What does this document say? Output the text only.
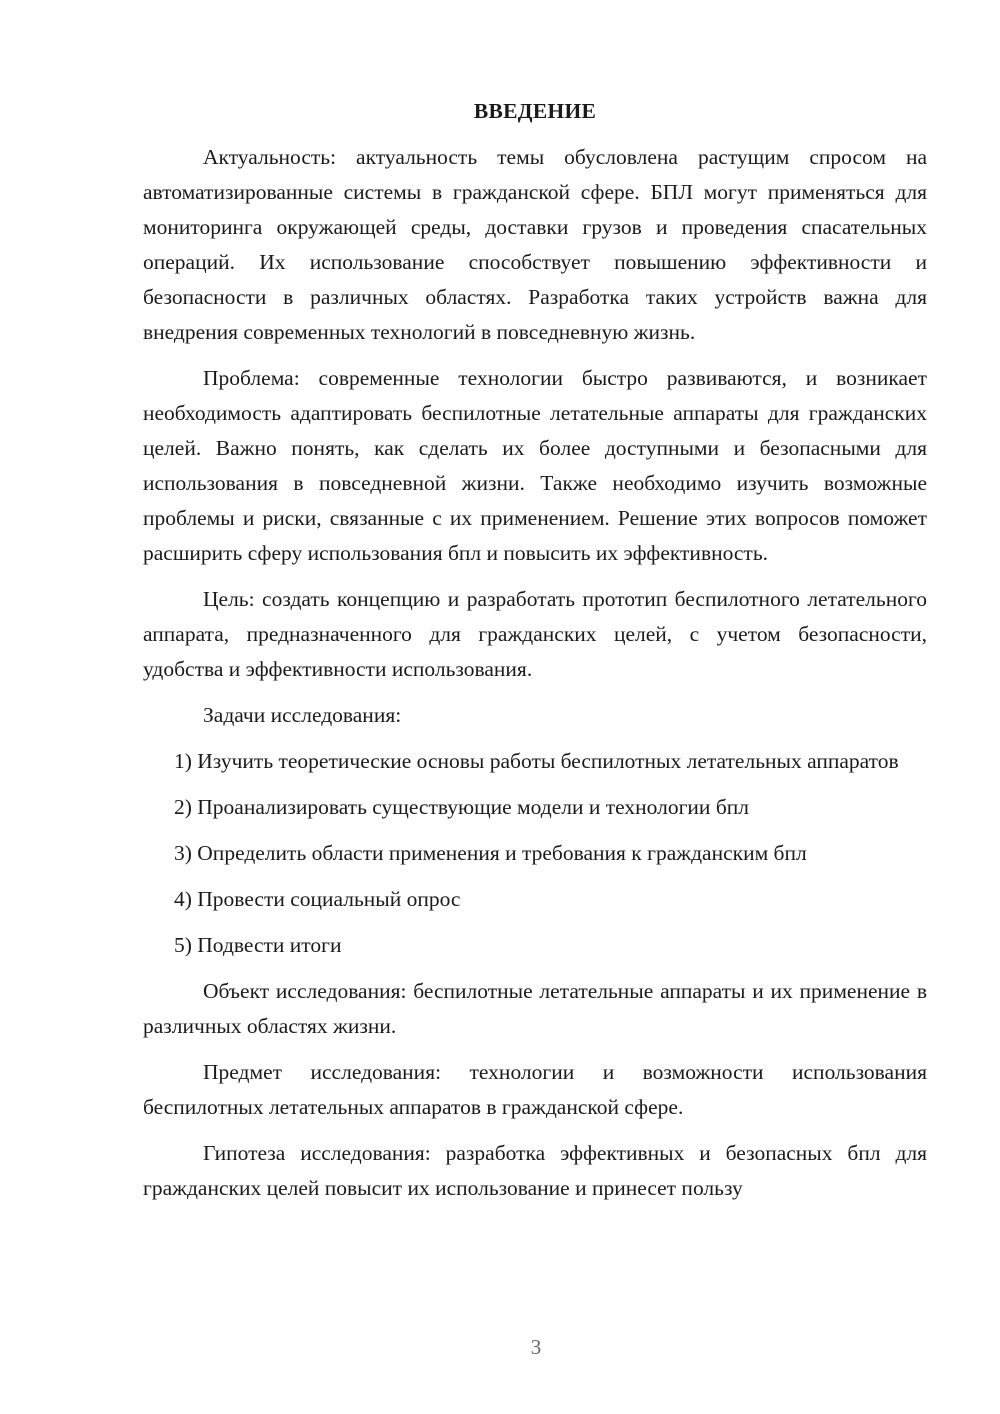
ВВЕДЕНИЕ

Актуальность: актуальность темы обусловлена растущим спросом на автоматизированные системы в гражданской сфере. БПЛ могут применяться для мониторинга окружающей среды, доставки грузов и проведения спасательных операций. Их использование способствует повышению эффективности и безопасности в различных областях. Разработка таких устройств важна для внедрения современных технологий в повседневную жизнь.

Проблема: современные технологии быстро развиваются, и возникает необходимость адаптировать беспилотные летательные аппараты для гражданских целей. Важно понять, как сделать их более доступными и безопасными для использования в повседневной жизни. Также необходимо изучить возможные проблемы и риски, связанные с их применением. Решение этих вопросов поможет расширить сферу использования бпл и повысить их эффективность.

Цель: создать концепцию и разработать прототип беспилотного летательного аппарата, предназначенного для гражданских целей, с учетом безопасности, удобства и эффективности использования.

Задачи исследования:

1) Изучить теоретические основы работы беспилотных летательных аппаратов

2) Проанализировать существующие модели и технологии бпл

3) Определить области применения и требования к гражданским бпл

4) Провести социальный опрос

5) Подвести итоги

Объект исследования: беспилотные летательные аппараты и их применение в различных областях жизни.

Предмет исследования: технологии и возможности использования беспилотных летательных аппаратов в гражданской сфере.

Гипотеза исследования: разработка эффективных и безопасных бпл для гражданских целей повысит их использование и принесет пользу

3
